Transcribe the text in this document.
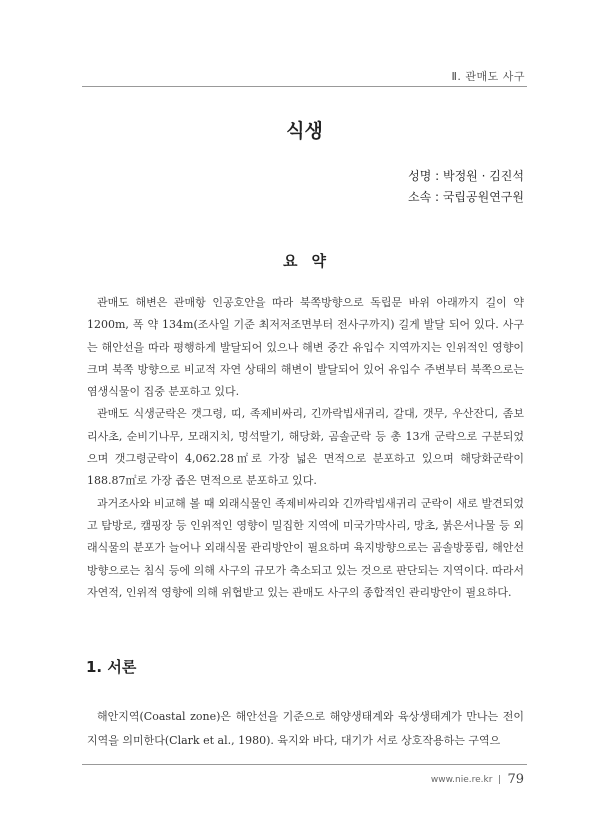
Ⅱ. 관매도 사구
식생
성명 : 박정원 · 김진석
소속 : 국립공원연구원
요약

관매도 해변은 관매항 인공호안을 따라 북쪽방향으로 독립문 바위 아래까지 길이 약 1200m, 폭 약 134m(조사일 기준 최저저조면부터 전사구까지) 길게 발달 되어 있다. 사구는 해안선을 따라 평행하게 발달되어 있으나 해변 중간 유입수 지역까지는 인위적인 영향이 크며 북쪽 방향으로 비교적 자연 상태의 해변이 발달되어 있어 유입수 주변부터 북쪽으로는 염생식물이 집중 분포하고 있다.

관매도 식생군락은 갯그령, 띠, 족제비싸리, 긴까락빕새귀리, 갈대, 갯무, 우산잔디, 좀보리사초, 순비기나무, 모래지치, 멍석딸기, 해당화, 곰솔군락 등 총 13개 군락으로 구분되었으며 갯그령군락이 4,062.28㎡로 가장 넓은 면적으로 분포하고 있으며 해당화군락이 188.87㎡로 가장 좁은 면적으로 분포하고 있다.

과거조사와 비교해 볼 때 외래식물인 족제비싸리와 긴까락빕새귀리 군락이 새로 발견되었고 탐방로, 캠핑장 등 인위적인 영향이 밀집한 지역에 미국가막사리, 망초, 붉은서나물 등 외래식물의 분포가 늘어나 외래식물 관리방안이 필요하며 육지방향으로는 곰솔방풍림, 해안선 방향으로는 침식 등에 의해 사구의 규모가 축소되고 있는 것으로 판단되는 지역이다. 따라서 자연적, 인위적 영향에 의해 위협받고 있는 관매도 사구의 종합적인 관리방안이 필요하다.

1. 서론

해안지역(Coastal zone)은 해안선을 기준으로 해양생태계와 육상생태계가 만나는 전이지역을 의미한다(Clark et al., 1980). 육지와 바다, 대기가 서로 상호작용하는 구역으

www.nie.re.kr 79
